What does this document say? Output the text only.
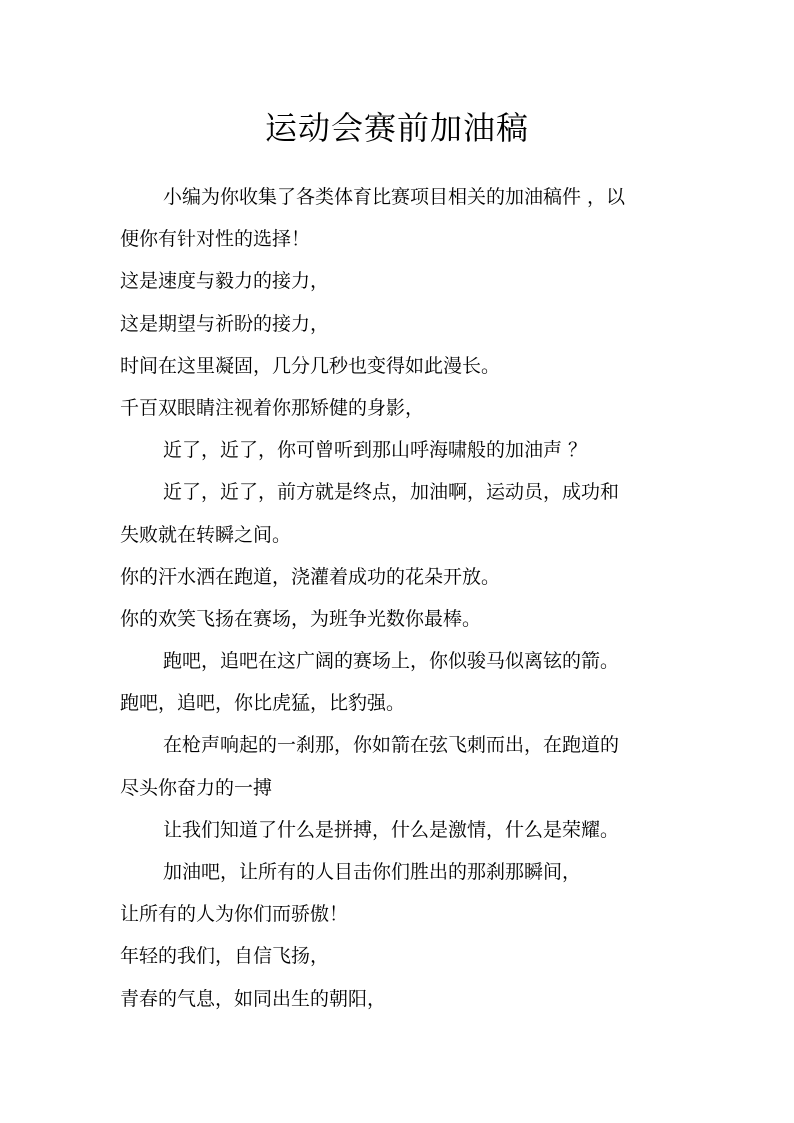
运动会赛前加油稿
小编为你收集了各类体育比赛项目相关的加油稿件 ，以
便你有针对性的选择！
这是速度与毅力的接力，
这是期望与祈盼的接力，
时间在这里凝固，几分几秒也变得如此漫长。
千百双眼睛注视着你那矫健的身影，
近了，近了，你可曾听到那山呼海啸般的加油声 ？
近了，近了，前方就是终点，加油啊，运动员，成功和
失败就在转瞬之间。
你的汗水洒在跑道，浇灌着成功的花朵开放。
你的欢笑飞扬在赛场，为班争光数你最棒。
跑吧，追吧在这广阔的赛场上，你似骏马似离铉的箭。
跑吧，追吧，你比虎猛，比豹强。
在枪声响起的一刹那，你如箭在弦飞刺而出，在跑道的
尽头你奋力的一搏
让我们知道了什么是拼搏，什么是激情，什么是荣耀。
加油吧，让所有的人目击你们胜出的那刹那瞬间，
让所有的人为你们而骄傲！
年轻的我们，自信飞扬，
青春的气息，如同出生的朝阳，
